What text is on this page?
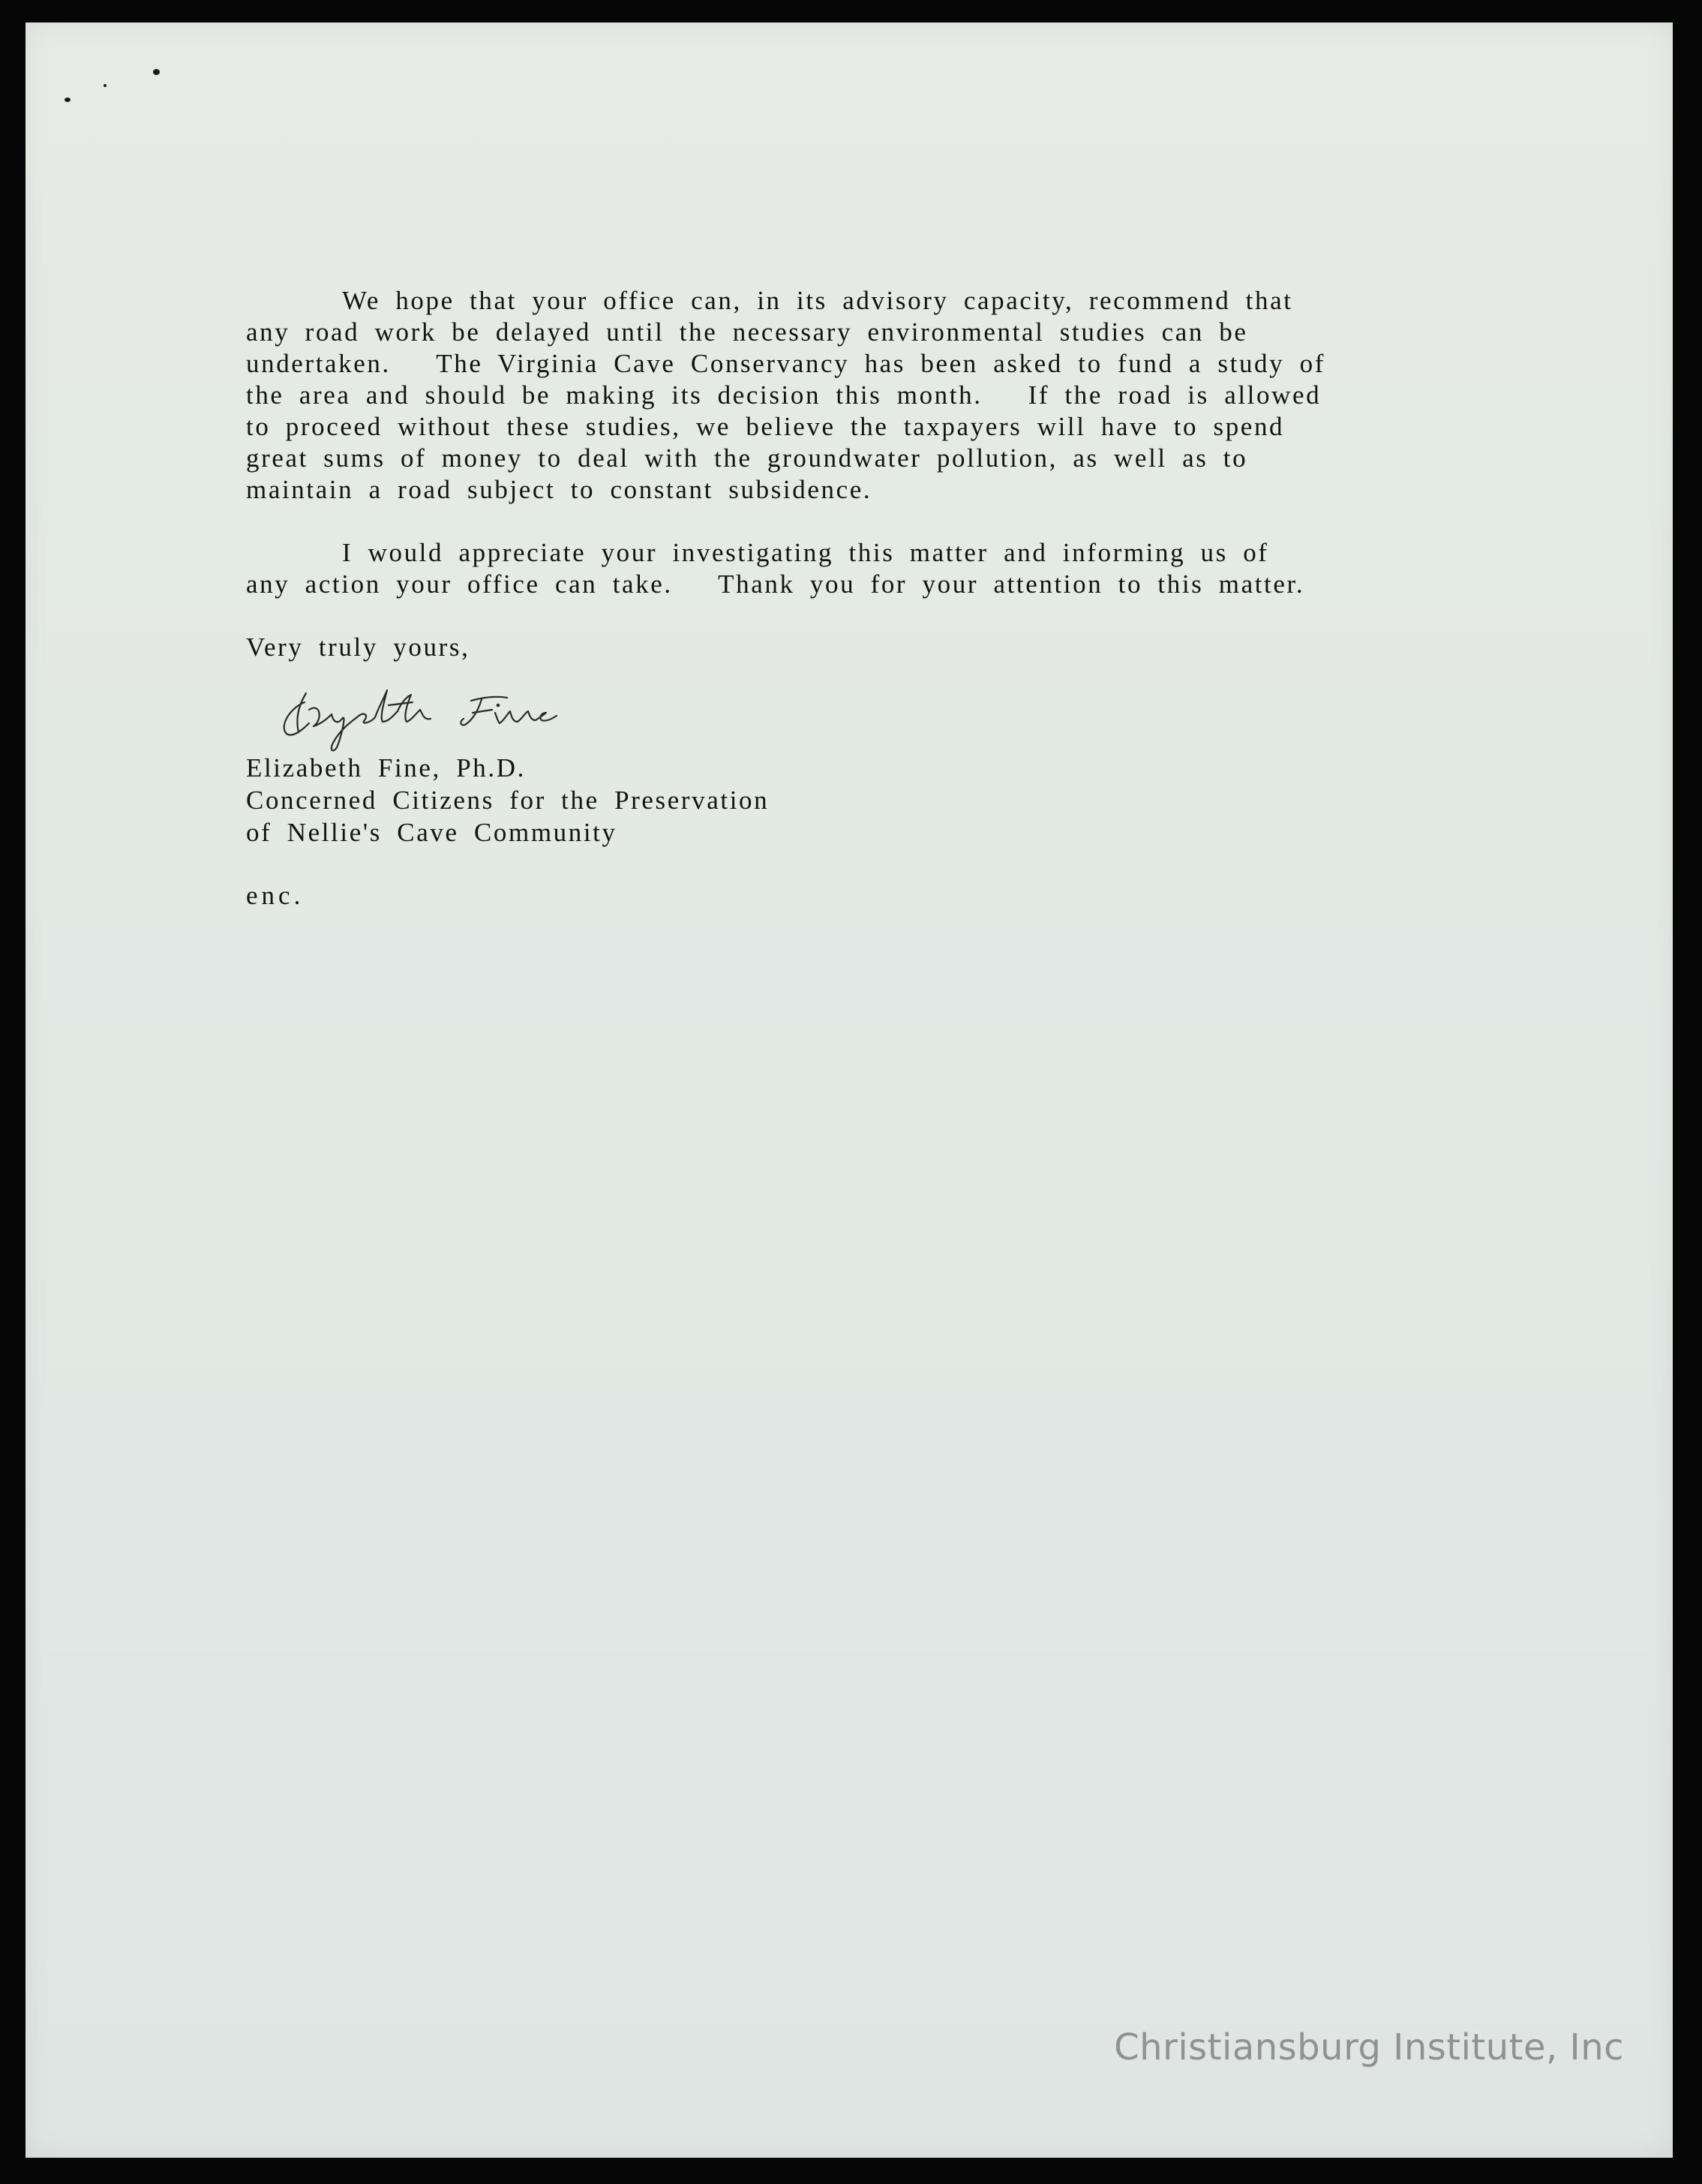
We hope that your office can, in its advisory capacity, recommend that
any road work be delayed until the necessary environmental studies can be
undertaken.   The Virginia Cave Conservancy has been asked to fund a study of
the area and should be making its decision this month.   If the road is allowed
to proceed without these studies, we believe the taxpayers will have to spend
great sums of money to deal with the groundwater pollution, as well as to
maintain a road subject to constant subsidence.
I would appreciate your investigating this matter and informing us of
any action your office can take.   Thank you for your attention to this matter.

Very truly yours,

Elizabeth Fine, Ph.D.
Concerned Citizens for the Preservation
of Nellie's Cave Community
enc.
Christiansburg Institute, Inc
